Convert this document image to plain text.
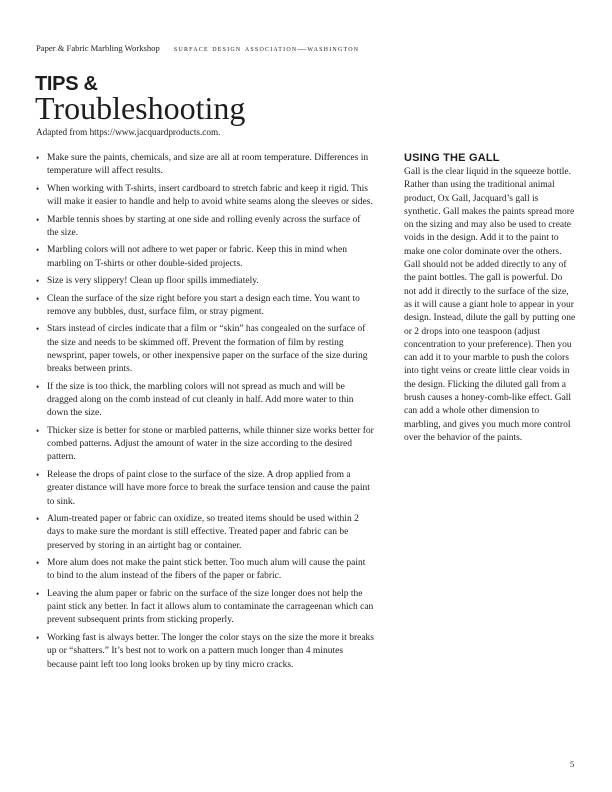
Paper & Fabric Marbling Workshop surface design association—washington
TIPS &
Troubleshooting
Adapted from https://www.jacquardproducts.com.
• Make sure the paints, chemicals, and size are all at room temperature. Differences in temperature will affect results.
• When working with T-shirts, insert cardboard to stretch fabric and keep it rigid. This will make it easier to handle and help to avoid white seams along the sleeves or sides.
• Marble tennis shoes by starting at one side and rolling evenly across the surface of the size.
• Marbling colors will not adhere to wet paper or fabric. Keep this in mind when marbling on T-shirts or other double-sided projects.
• Size is very slippery! Clean up floor spills immediately.
• Clean the surface of the size right before you start a design each time. You want to remove any bubbles, dust, surface film, or stray pigment.
• Stars instead of circles indicate that a film or “skin” has congealed on the surface of the size and needs to be skimmed off. Prevent the formation of film by resting newsprint, paper towels, or other inexpensive paper on the surface of the size during breaks between prints.
• If the size is too thick, the marbling colors will not spread as much and will be dragged along on the comb instead of cut cleanly in half. Add more water to thin down the size.
• Thicker size is better for stone or marbled patterns, while thinner size works better for combed patterns. Adjust the amount of water in the size according to the desired pattern.
• Release the drops of paint close to the surface of the size. A drop applied from a greater distance will have more force to break the surface tension and cause the paint to sink.
• Alum-treated paper or fabric can oxidize, so treated items should be used within 2 days to make sure the mordant is still effective. Treated paper and fabric can be preserved by storing in an airtight bag or container.
• More alum does not make the paint stick better. Too much alum will cause the paint to bind to the alum instead of the fibers of the paper or fabric.
• Leaving the alum paper or fabric on the surface of the size longer does not help the paint stick any better. In fact it allows alum to contaminate the carrageenan which can prevent subsequent prints from sticking properly.
• Working fast is always better. The longer the color stays on the size the more it breaks up or “shatters.” It’s best not to work on a pattern much longer than 4 minutes because paint left too long looks broken up by tiny micro cracks.
USING THE GALL

Gall is the clear liquid in the squeeze bottle. Rather than using the traditional animal product, Ox Gall, Jacquard’s gall is synthetic. Gall makes the paints spread more on the sizing and may also be used to create voids in the design. Add it to the paint to make one color dominate over the others. Gall should not be added directly to any of the paint bottles. The gall is powerful. Do not add it directly to the surface of the size, as it will cause a giant hole to appear in your design. Instead, dilute the gall by putting one or 2 drops into one teaspoon (adjust concentration to your preference). Then you can add it to your marble to push the colors into tight veins or create little clear voids in the design. Flicking the diluted gall from a brush causes a honey-comb-like effect. Gall can add a whole other dimension to marbling, and gives you much more control over the behavior of the paints.

5
